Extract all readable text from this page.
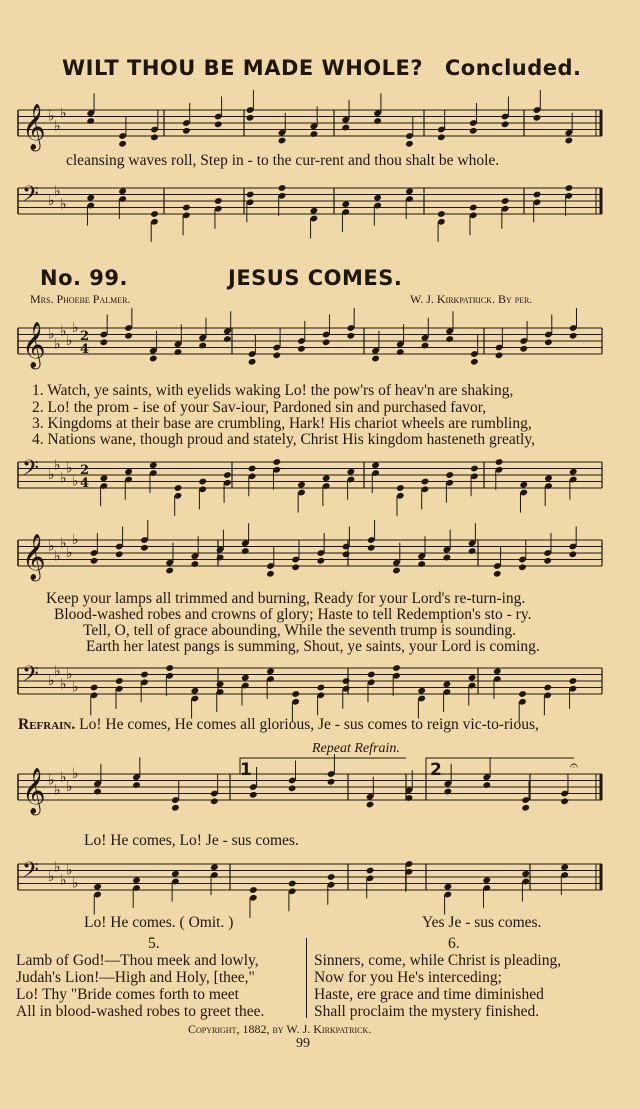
WILT THOU BE MADE WHOLE? Concluded.
𝄞 ♭
♭
♭
cleansing waves roll, Step in - to the cur-rent and thou shalt be whole.
𝄢 ♭
♭
♭
No. 99.	JESUS COMES.
Mrs. Phoebe Palmer.	W. J. Kirkpatrick. By per.
𝄞 ♭
♭
♭
♭
♭
2
4
1. Watch, ye saints, with eyelids waking Lo! the pow'rs of heav'n are shaking,
2. Lo! the prom - ise of your Sav-iour, Pardoned sin and purchased favor,
3. Kingdoms at their base are crumbling, Hark! His chariot wheels are rumbling,
4. Nations wane, though proud and stately, Christ His kingdom hasteneth greatly,
𝄢 ♭
♭
♭
♭
♭
2
4
𝄞 ♭
♭
♭
♭
♭
Keep your lamps all trimmed and burning, Ready for your Lord's re-turn-ing.
Blood-washed robes and crowns of glory; Haste to tell Redemption's sto - ry.
Tell, O, tell of grace abounding, While the seventh trump is sounding.
Earth her latest pangs is summing, Shout, ye saints, your Lord is coming.
𝄢 ♭
♭
♭
♭
♭
Refrain. Lo! He comes, He comes all glorious, Je - sus comes to reign vic-to-rious,
Repeat Refrain.
𝄞 ♭
♭
♭
♭
♭	𝄐
1	2
Lo! He comes, Lo! Je - sus comes.
𝄢 ♭
♭
♭
♭
♭
Lo! He comes. ( Omit. )	Yes Je - sus comes.
5.	6.
Lamb of God!—Thou meek and lowly,
Judah's Lion!—High and Holy, [thee,"
Lo! Thy "Bride comes forth to meet
All in blood-washed robes to greet thee.
Sinners, come, while Christ is pleading,
Now for you He's interceding;
Haste, ere grace and time diminished
Shall proclaim the mystery finished.
Copyright, 1882, by W. J. Kirkpatrick.
99
